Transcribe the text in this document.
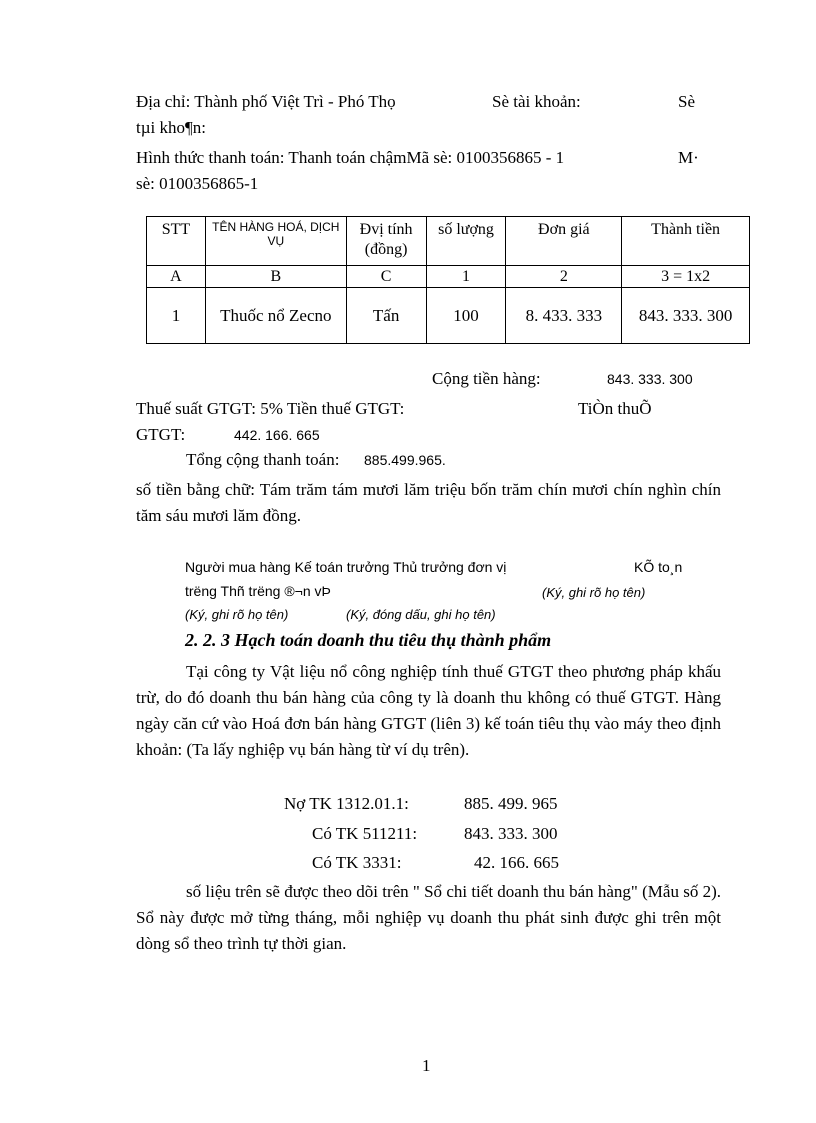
Địa chỉ: Thành phố Việt Trì - Phó Thọ	Sè tài khoản:	Sè
tµi kho¶n:
Hình thức thanh toán: Thanh toán chậmMã sè: 0100356865 - 1	M·
sè: 0100356865-1
STT	TÊN HÀNG HOÁ, DỊCH VỤ	Đvị tính (đồng)	số lượng	Đơn giá	Thành tiền
A	B	C	1	2	3 = 1x2
1	Thuốc nổ Zecno	Tấn	100	8. 433. 333	843. 333. 300
Cộng tiền hàng:	843. 333. 300
Thuế suất GTGT: 5% Tiền thuế GTGT:	TiÒn thuÕ
GTGT:	442. 166. 665
Tổng cộng thanh toán: 885.499.965.
số tiền bằng chữ: Tám trăm tám mươi lăm triệu bốn trăm chín mươi chín nghìn chín tăm sáu mươi lăm đồng.
Người mua hàng Kế toán trưởng Thủ trưởng đơn vị	KÕ to¸n
trëng Thñ trëng ®¬n vÞ	(Ký, ghi rõ họ tên)
(Ký, ghi rõ họ tên)	(Ký, đóng dấu, ghi họ tên)
2. 2. 3 Hạch toán doanh thu tiêu thụ thành phẩm
Tại công ty Vật liệu nổ công nghiệp tính thuế GTGT theo phương pháp khấu trừ, do đó doanh thu bán hàng của công ty là doanh thu không có thuế GTGT. Hàng ngày căn cứ vào Hoá đơn bán hàng GTGT (liên 3) kế toán tiêu thụ vào máy theo định khoản: (Ta lấy nghiệp vụ bán hàng từ ví dụ trên).
Nợ TK 1312.01.1:	885. 499. 965
Có TK 511211:	843. 333. 300
Có TK 3331:	42. 166. 665
số liệu trên sẽ được theo dõi trên " Sổ chi tiết doanh thu bán hàng" (Mẫu số 2). Sổ này được mở từng tháng, mỗi nghiệp vụ doanh thu phát sinh được ghi trên một dòng sổ theo trình tự thời gian.
1
